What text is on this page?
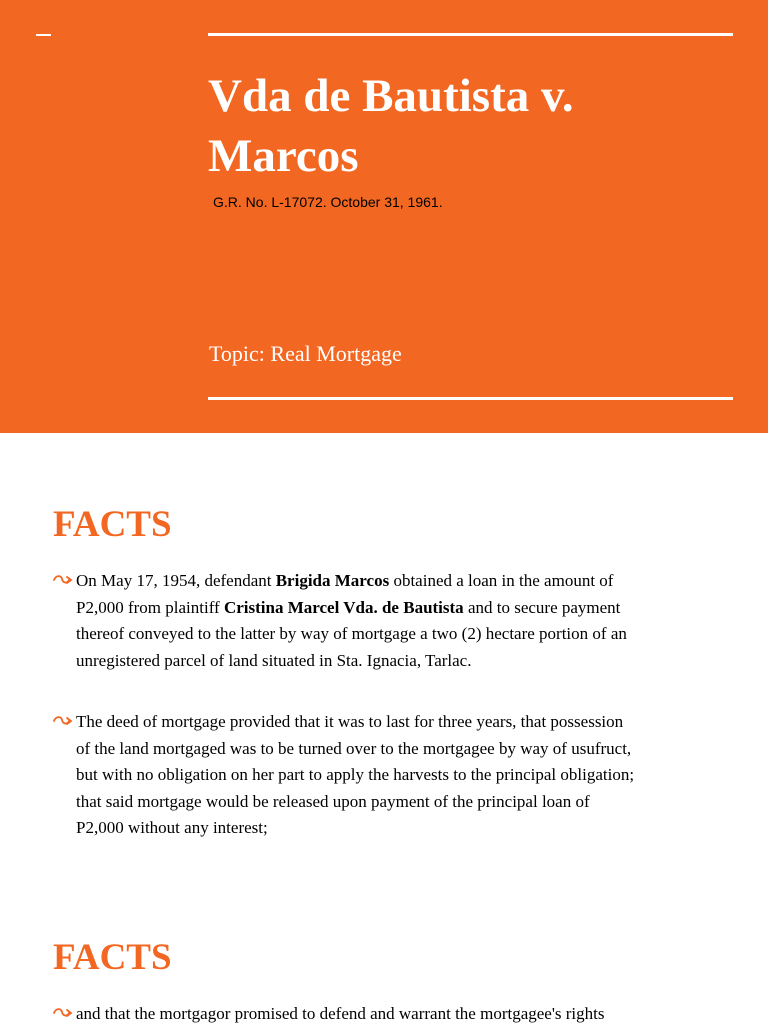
Vda de Bautista v.
Marcos
G.R. No. L-17072. October 31, 1961.
Topic: Real Mortgage
FACTS

On May 17, 1954, defendant Brigida Marcos obtained a loan in the amount of
P2,000 from plaintiff Cristina Marcel Vda. de Bautista and to secure payment
thereof conveyed to the latter by way of mortgage a two (2) hectare portion of an
unregistered parcel of land situated in Sta. Ignacia, Tarlac.

The deed of mortgage provided that it was to last for three years, that possession
of the land mortgaged was to be turned over to the mortgagee by way of usufruct,
but with no obligation on her part to apply the harvests to the principal obligation;
that said mortgage would be released upon payment of the principal loan of
P2,000 without any interest;

FACTS

and that the mortgagor promised to defend and warrant the mortgagee's rights
